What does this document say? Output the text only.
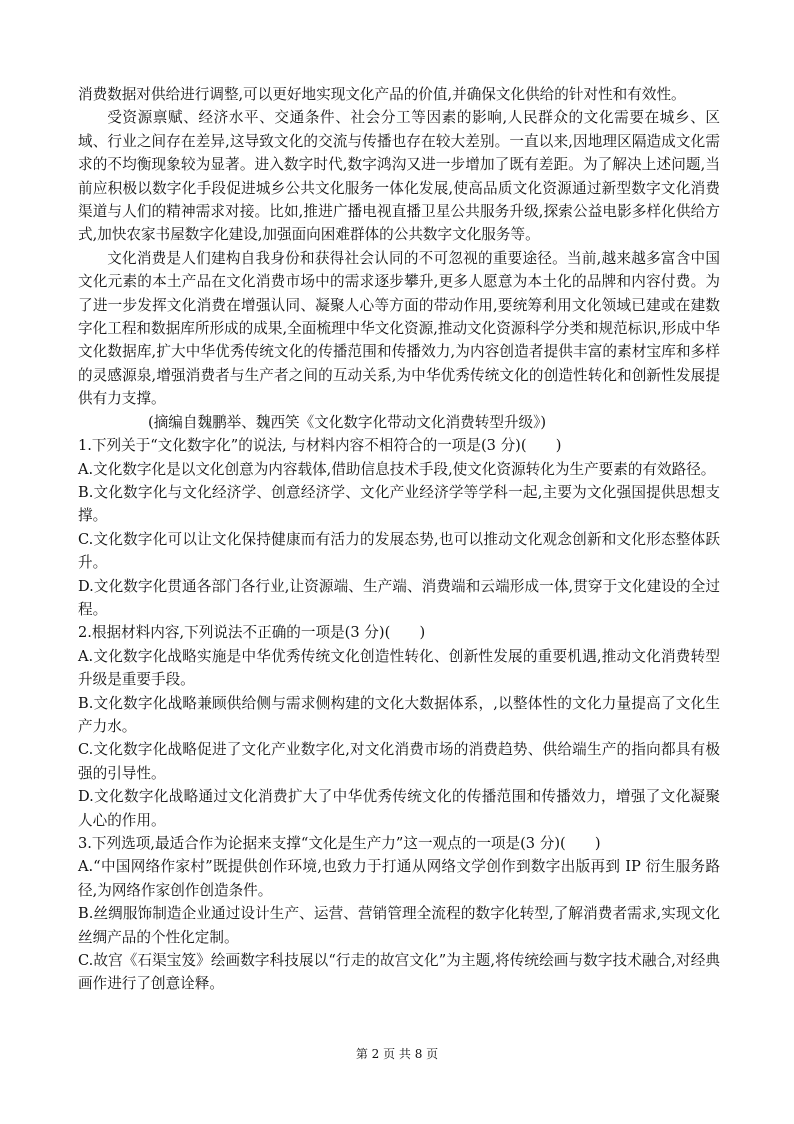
消费数据对供给进行调整,可以更好地实现文化产品的价值,并确保文化供给的针对性和有效性。

受资源禀赋、经济水平、交通条件、社会分工等因素的影响,人民群众的文化需要在城乡、区域、行业之间存在差异,这导致文化的交流与传播也存在较大差别。一直以来,因地理区隔造成文化需求的不均衡现象较为显著。进入数字时代,数字鸿沟又进一步增加了既有差距。为了解决上述问题,当前应积极以数字化手段促进城乡公共文化服务一体化发展,使高品质文化资源通过新型数字文化消费渠道与人们的精神需求对接。比如,推进广播电视直播卫星公共服务升级,探索公益电影多样化供给方式,加快农家书屋数字化建设,加强面向困难群体的公共数字文化服务等。

文化消费是人们建构自我身份和获得社会认同的不可忽视的重要途径。当前,越来越多富含中国文化元素的本土产品在文化消费市场中的需求逐步攀升,更多人愿意为本土化的品牌和内容付费。为了进一步发挥文化消费在增强认同、凝聚人心等方面的带动作用,要统筹利用文化领域已建或在建数字化工程和数据库所形成的成果,全面梳理中华文化资源,推动文化资源科学分类和规范标识,形成中华文化数据库,扩大中华优秀传统文化的传播范围和传播效力,为内容创造者提供丰富的素材宝库和多样的灵感源泉,增强消费者与生产者之间的互动关系,为中华优秀传统文化的创造性转化和创新性发展提供有力支撑。

(摘编自魏鹏举、魏西笑《文化数字化带动文化消费转型升级》)

1.下列关于“文化数字化”的说法, 与材料内容不相符合的一项是(3 分)(　　)

A.文化数字化是以文化创意为内容载体,借助信息技术手段,使文化资源转化为生产要素的有效路径。

B.文化数字化与文化经济学、创意经济学、文化产业经济学等学科一起,主要为文化强国提供思想支撑。

C.文化数字化可以让文化保持健康而有活力的发展态势,也可以推动文化观念创新和文化形态整体跃升。

D.文化数字化贯通各部门各行业,让资源端、生产端、消费端和云端形成一体,贯穿于文化建设的全过程。

2.根据材料内容,下列说法不正确的一项是(3 分)(　　)

A.文化数字化战略实施是中华优秀传统文化创造性转化、创新性发展的重要机遇,推动文化消费转型升级是重要手段。

B.文化数字化战略兼顾供给侧与需求侧构建的文化大数据体系，,以整体性的文化力量提高了文化生产力水。

C.文化数字化战略促进了文化产业数字化,对文化消费市场的消费趋势、供给端生产的指向都具有极强的引导性。

D.文化数字化战略通过文化消费扩大了中华优秀传统文化的传播范围和传播效力，增强了文化凝聚人心的作用。

3.下列选项,最适合作为论据来支撑“文化是生产力”这一观点的一项是(3 分)(　　)

A.“中国网络作家村”既提供创作环境,也致力于打通从网络文学创作到数字出版再到 IP 衍生服务路径,为网络作家创作创造条件。

B.丝绸服饰制造企业通过设计生产、运营、营销管理全流程的数字化转型,了解消费者需求,实现文化丝绸产品的个性化定制。

C.故宫《石渠宝笈》绘画数字科技展以“行走的故宫文化”为主题,将传统绘画与数字技术融合,对经典画作进行了创意诠释。

第 2 页 共 8 页
